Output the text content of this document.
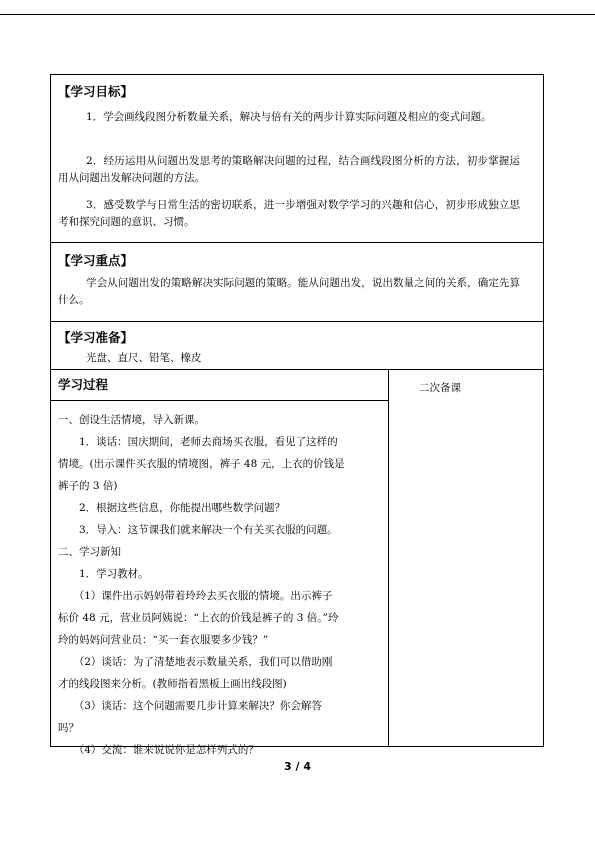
【学习目标】
1．学会画线段图分析数量关系，解决与倍有关的两步计算实际问题及相应的变式问题。
2．经历运用从问题出发思考的策略解决问题的过程，结合画线段图分析的方法，初步掌握运用从问题出发解决问题的方法。
3．感受数学与日常生活的密切联系，进一步增强对数学学习的兴趣和信心，初步形成独立思考和探究问题的意识、习惯。
【学习重点】
学会从问题出发的策略解决实际问题的策略。能从问题出发，说出数量之间的关系，确定先算什么。
【学习准备】
光盘、直尺、铅笔、橡皮
学习过程	二次备课
一、创设生活情境，导入新课。
　　1．谈话：国庆期间，老师去商场买衣服，看见了这样的
情境。(出示课件买衣服的情境图，裤子 48 元，上衣的价钱是
裤子的 3 倍)
　　2．根据这些信息，你能提出哪些数学问题？
　　3．导入：这节课我们就来解决一个有关买衣服的问题。
二、学习新知
　　1．学习教材。
　　（1）课件出示妈妈带着玲玲去买衣服的情境。出示裤子
标价 48 元，营业员阿姨说：“上衣的价钱是裤子的 3 倍。”玲
玲的妈妈问营业员：“买一套衣服要多少钱？”
　　（2）谈话：为了清楚地表示数量关系，我们可以借助刚
才的线段图来分析。(教师指着黑板上画出线段图)
　　（3）谈话：这个问题需要几步计算来解决？你会解答
吗？
　　（4）交流：谁来说说你是怎样列式的？
3 / 4
